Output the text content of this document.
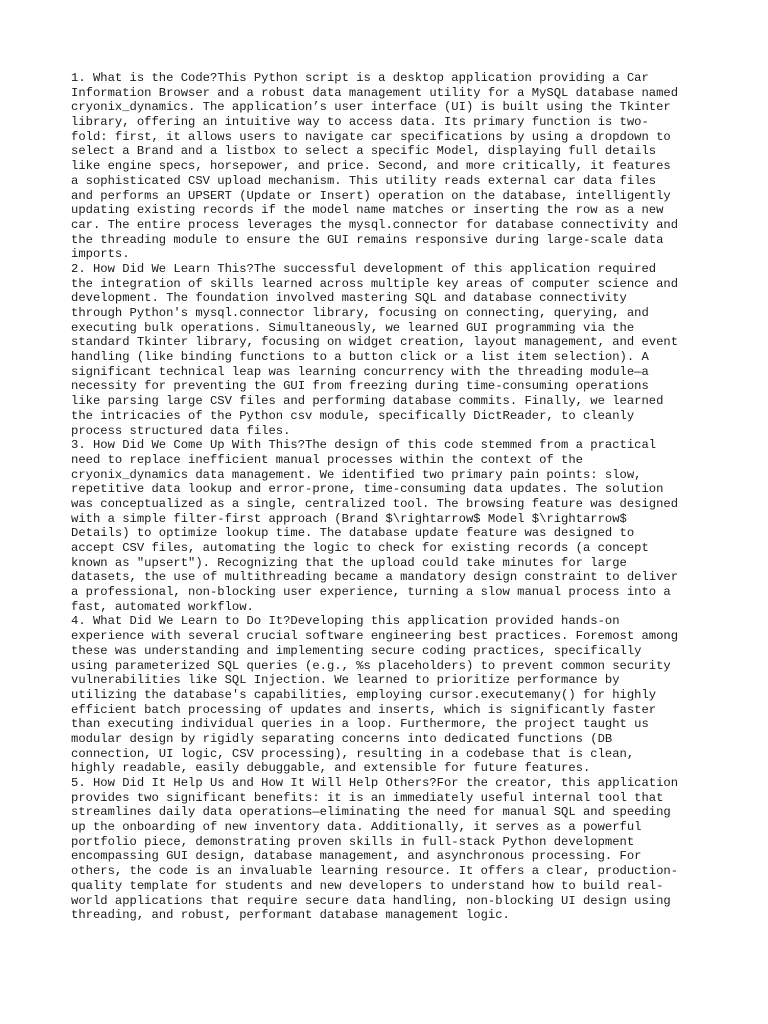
1. What is the Code?This Python script is a desktop application providing a Car
Information Browser and a robust data management utility for a MySQL database named
cryonix_dynamics. The application’s user interface (UI) is built using the Tkinter
library, offering an intuitive way to access data. Its primary function is two-
fold: first, it allows users to navigate car specifications by using a dropdown to
select a Brand and a listbox to select a specific Model, displaying full details
like engine specs, horsepower, and price. Second, and more critically, it features
a sophisticated CSV upload mechanism. This utility reads external car data files
and performs an UPSERT (Update or Insert) operation on the database, intelligently
updating existing records if the model name matches or inserting the row as a new
car. The entire process leverages the mysql.connector for database connectivity and
the threading module to ensure the GUI remains responsive during large-scale data
imports.

2. How Did We Learn This?The successful development of this application required
the integration of skills learned across multiple key areas of computer science and
development. The foundation involved mastering SQL and database connectivity
through Python's mysql.connector library, focusing on connecting, querying, and
executing bulk operations. Simultaneously, we learned GUI programming via the
standard Tkinter library, focusing on widget creation, layout management, and event
handling (like binding functions to a button click or a list item selection). A
significant technical leap was learning concurrency with the threading module—a
necessity for preventing the GUI from freezing during time-consuming operations
like parsing large CSV files and performing database commits. Finally, we learned
the intricacies of the Python csv module, specifically DictReader, to cleanly
process structured data files.

3. How Did We Come Up With This?The design of this code stemmed from a practical
need to replace inefficient manual processes within the context of the
cryonix_dynamics data management. We identified two primary pain points: slow,
repetitive data lookup and error-prone, time-consuming data updates. The solution
was conceptualized as a single, centralized tool. The browsing feature was designed
with a simple filter-first approach (Brand $\rightarrow$ Model $\rightarrow$
Details) to optimize lookup time. The database update feature was designed to
accept CSV files, automating the logic to check for existing records (a concept
known as "upsert"). Recognizing that the upload could take minutes for large
datasets, the use of multithreading became a mandatory design constraint to deliver
a professional, non-blocking user experience, turning a slow manual process into a
fast, automated workflow.

4. What Did We Learn to Do It?Developing this application provided hands-on
experience with several crucial software engineering best practices. Foremost among
these was understanding and implementing secure coding practices, specifically
using parameterized SQL queries (e.g., %s placeholders) to prevent common security
vulnerabilities like SQL Injection. We learned to prioritize performance by
utilizing the database's capabilities, employing cursor.executemany() for highly
efficient batch processing of updates and inserts, which is significantly faster
than executing individual queries in a loop. Furthermore, the project taught us
modular design by rigidly separating concerns into dedicated functions (DB
connection, UI logic, CSV processing), resulting in a codebase that is clean,
highly readable, easily debuggable, and extensible for future features.

5. How Did It Help Us and How It Will Help Others?For the creator, this application
provides two significant benefits: it is an immediately useful internal tool that
streamlines daily data operations—eliminating the need for manual SQL and speeding
up the onboarding of new inventory data. Additionally, it serves as a powerful
portfolio piece, demonstrating proven skills in full-stack Python development
encompassing GUI design, database management, and asynchronous processing. For
others, the code is an invaluable learning resource. It offers a clear, production-
quality template for students and new developers to understand how to build real-
world applications that require secure data handling, non-blocking UI design using
threading, and robust, performant database management logic.
